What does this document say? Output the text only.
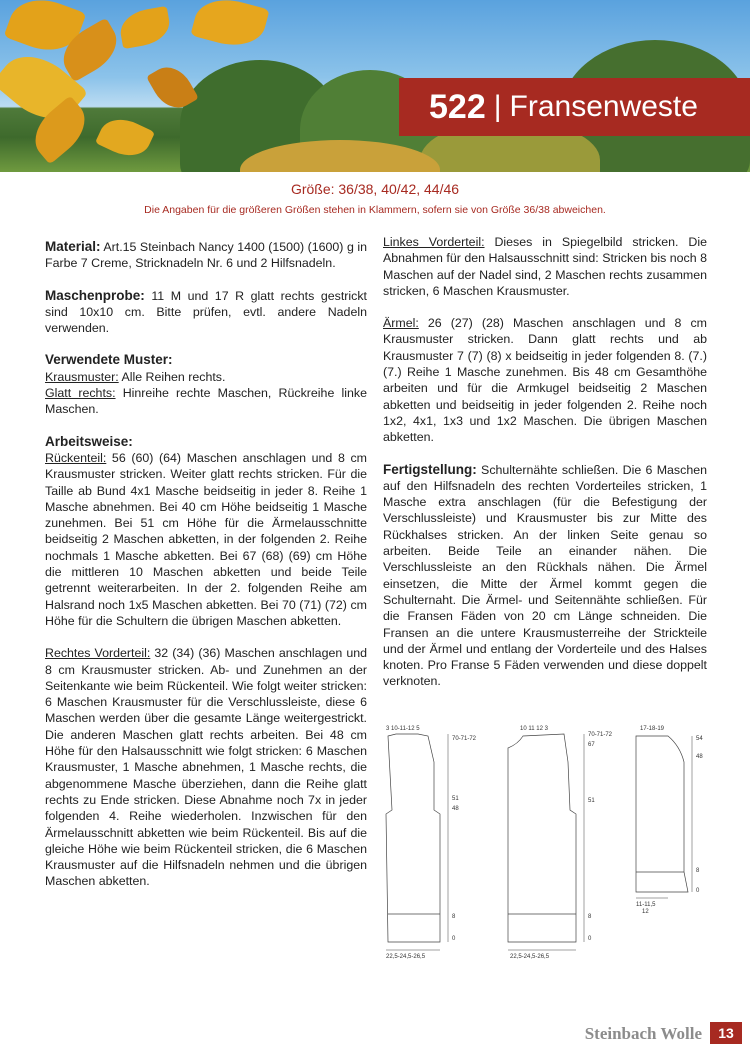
522 | Fransenweste
Größe: 36/38, 40/42, 44/46
Die Angaben für die größeren Größen stehen in Klammern, sofern sie von Größe 36/38 abweichen.

Material: Art.15 Steinbach Nancy 1400 (1500) (1600) g in Farbe 7 Creme, Stricknadeln Nr. 6 und 2 Hilfsnadeln.

Maschenprobe: 11 M und 17 R glatt rechts gestrickt sind 10x10 cm. Bitte prüfen, evtl. andere Nadeln verwenden.

Verwendete Muster:
Krausmuster: Alle Reihen rechts.
Glatt rechts: Hinreihe rechte Maschen, Rückreihe linke Maschen.

Arbeitsweise:
Rückenteil: 56 (60) (64) Maschen anschlagen und 8 cm Krausmuster stricken. Weiter glatt rechts stricken. Für die Taille ab Bund 4x1 Masche beidseitig in jeder 8. Reihe 1 Masche abnehmen. Bei 40 cm Höhe beidseitig 1 Masche zunehmen. Bei 51 cm Höhe für die Ärmelausschnitte beidseitig 2 Maschen abketten, in der folgenden 2. Reihe nochmals 1 Masche abketten. Bei 67 (68) (69) cm Höhe die mittleren 10 Maschen abketten und beide Teile getrennt weiterarbeiten. In der 2. folgenden Reihe am Halsrand noch 1x5 Maschen abketten. Bei 70 (71) (72) cm Höhe für die Schultern die übrigen Maschen abketten.

Rechtes Vorderteil: 32 (34) (36) Maschen anschlagen und 8 cm Krausmuster stricken. Ab- und Zunehmen an der Seitenkante wie beim Rückenteil. Wie folgt weiter stricken: 6 Maschen Krausmuster für die Verschlussleiste, diese 6 Maschen werden über die gesamte Länge weitergestrickt. Die anderen Maschen glatt rechts arbeiten. Bei 48 cm Höhe für den Halsausschnitt wie folgt stricken: 6 Maschen Krausmuster, 1 Masche abnehmen, 1 Masche rechts, die abgenommene Masche überziehen, dann die Reihe glatt rechts zu Ende stricken. Diese Abnahme noch 7x in jeder folgenden 4. Reihe wiederholen. Inzwischen für den Ärmelausschnitt abketten wie beim Rückenteil. Bis auf die gleiche Höhe wie beim Rückenteil stricken, die 6 Maschen Krausmuster auf die Hilfsnadeln nehmen und die übrigen Maschen abketten.

Linkes Vorderteil: Dieses in Spiegelbild stricken. Die Abnahmen für den Halsausschnitt sind: Stricken bis noch 8 Maschen auf der Nadel sind, 2 Maschen rechts zusammen stricken, 6 Maschen Krausmuster.

Ärmel: 26 (27) (28) Maschen anschlagen und 8 cm Krausmuster stricken. Dann glatt rechts und ab Krausmuster 7 (7) (8) x beidseitig in jeder folgenden 8. (7.) (7.) Reihe 1 Masche zunehmen. Bis 48 cm Gesamthöhe arbeiten und für die Armkugel beidseitig 2 Maschen abketten und beidseitig in jeder folgenden 2. Reihe noch 1x2, 4x1, 1x3 und 1x2 Maschen. Die übrigen Maschen abketten.

Fertigstellung: Schulternähte schließen. Die 6 Maschen auf den Hilfsnadeln des rechten Vorderteiles stricken, 1 Masche extra anschlagen (für die Befestigung der Verschlussleiste) und Krausmuster bis zur Mitte des Rückhalses stricken. An der linken Seite genau so arbeiten. Beide Teile an einander nähen. Die Verschlussleiste an den Rückhals nähen. Die Ärmel einsetzen, die Mitte der Ärmel kommt gegen die Schulternaht. Die Ärmel- und Seitennähte schließen. Für die Fransen Fäden von 20 cm Länge schneiden. Die Fransen an die untere Krausmusterreihe der Strickteile und der Ärmel und entlang der Vorderteile und des Halses knoten. Pro Franse 5 Fäden verwenden und diese doppelt verknoten.

3 10-11-12 5
70-71-72
51
48
8
0
22,5-24,5-26,5
10 11 12 3
70-71-72
67
51
8
0
22,5-24,5-26,5
17-18-19
54
48
8
0
11-11,5
12
Steinbach Wolle	13
